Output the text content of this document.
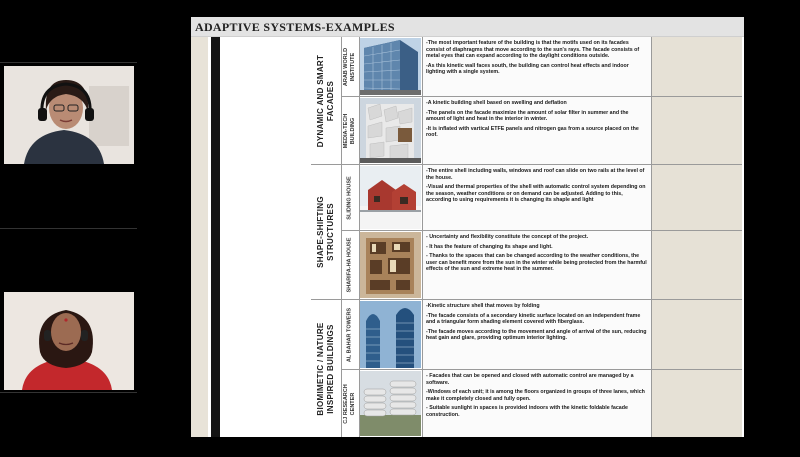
ADAPTIVE SYSTEMS-EXAMPLES
DYNAMIC AND SMART FACADES
ARAB WORLD INSTITUTE

-The most important feature of the building is that the motifs used on its facades consist of diaphragms that move according to the sun's rays. The facade consists of metal eyes that can expand according to the daylight conditions outside.

-As this kinetic wall faces south, the building can control heat effects and indoor lighting with a single system.

MEDIA-TECH BUILDING

-A kinetic building shell based on swelling and deflation

-The panels on the facade maximize the amount of solar filter in summer and the amount of light and heat in the interior in winter.

-It is inflated with vartical ETFE panels and nitrogen gas from a source placed on the roof.

SHAPE-SHIFTING STRUCTURES
SLIDING HOUSE

-The entire shell including walls, windows and roof can slide on two rails at the level of the house.

-Visual and thermal properties of the shell with automatic control system depending on the season, weather conditions or on demand can be adjusted. Adding to this, according to using requirements it is changing its shaple and light

SHARIFA-HA HOUSE

- Uncertainty and flexibility constitute the concept of the project.

- It has the feature of changing its shape and light.

- Thanks to the spaces that can be changed according to the weather conditions, the user can benefit more from the sun in the winter while being protected from the harmful effects of the sun and extreme heat in the summer.

BIOMIMETIC / NATURE INSPIRED BUILDINGS AL BAHAR TOWERS

-Kinetic structure shell that moves by folding

-The facade consists of a secondary kinetic surface located on an independent frame and a triangular form shading element covered with fiberglass.

-The facade moves according to the movement and angle of arrival of the sun, reducing heat gain and glare, providing optimum interior lighting.

CJ RESEARCH CENTER

- Facades that can be opened and closed with automatic control are managed by a software.

-Windows of each unit; it is among the floors organized in groups of three lanes, which make it completely closed and fully open.

- Suitable sunlight in spaces is provided indoors with the kinetic foldable facade construction.
